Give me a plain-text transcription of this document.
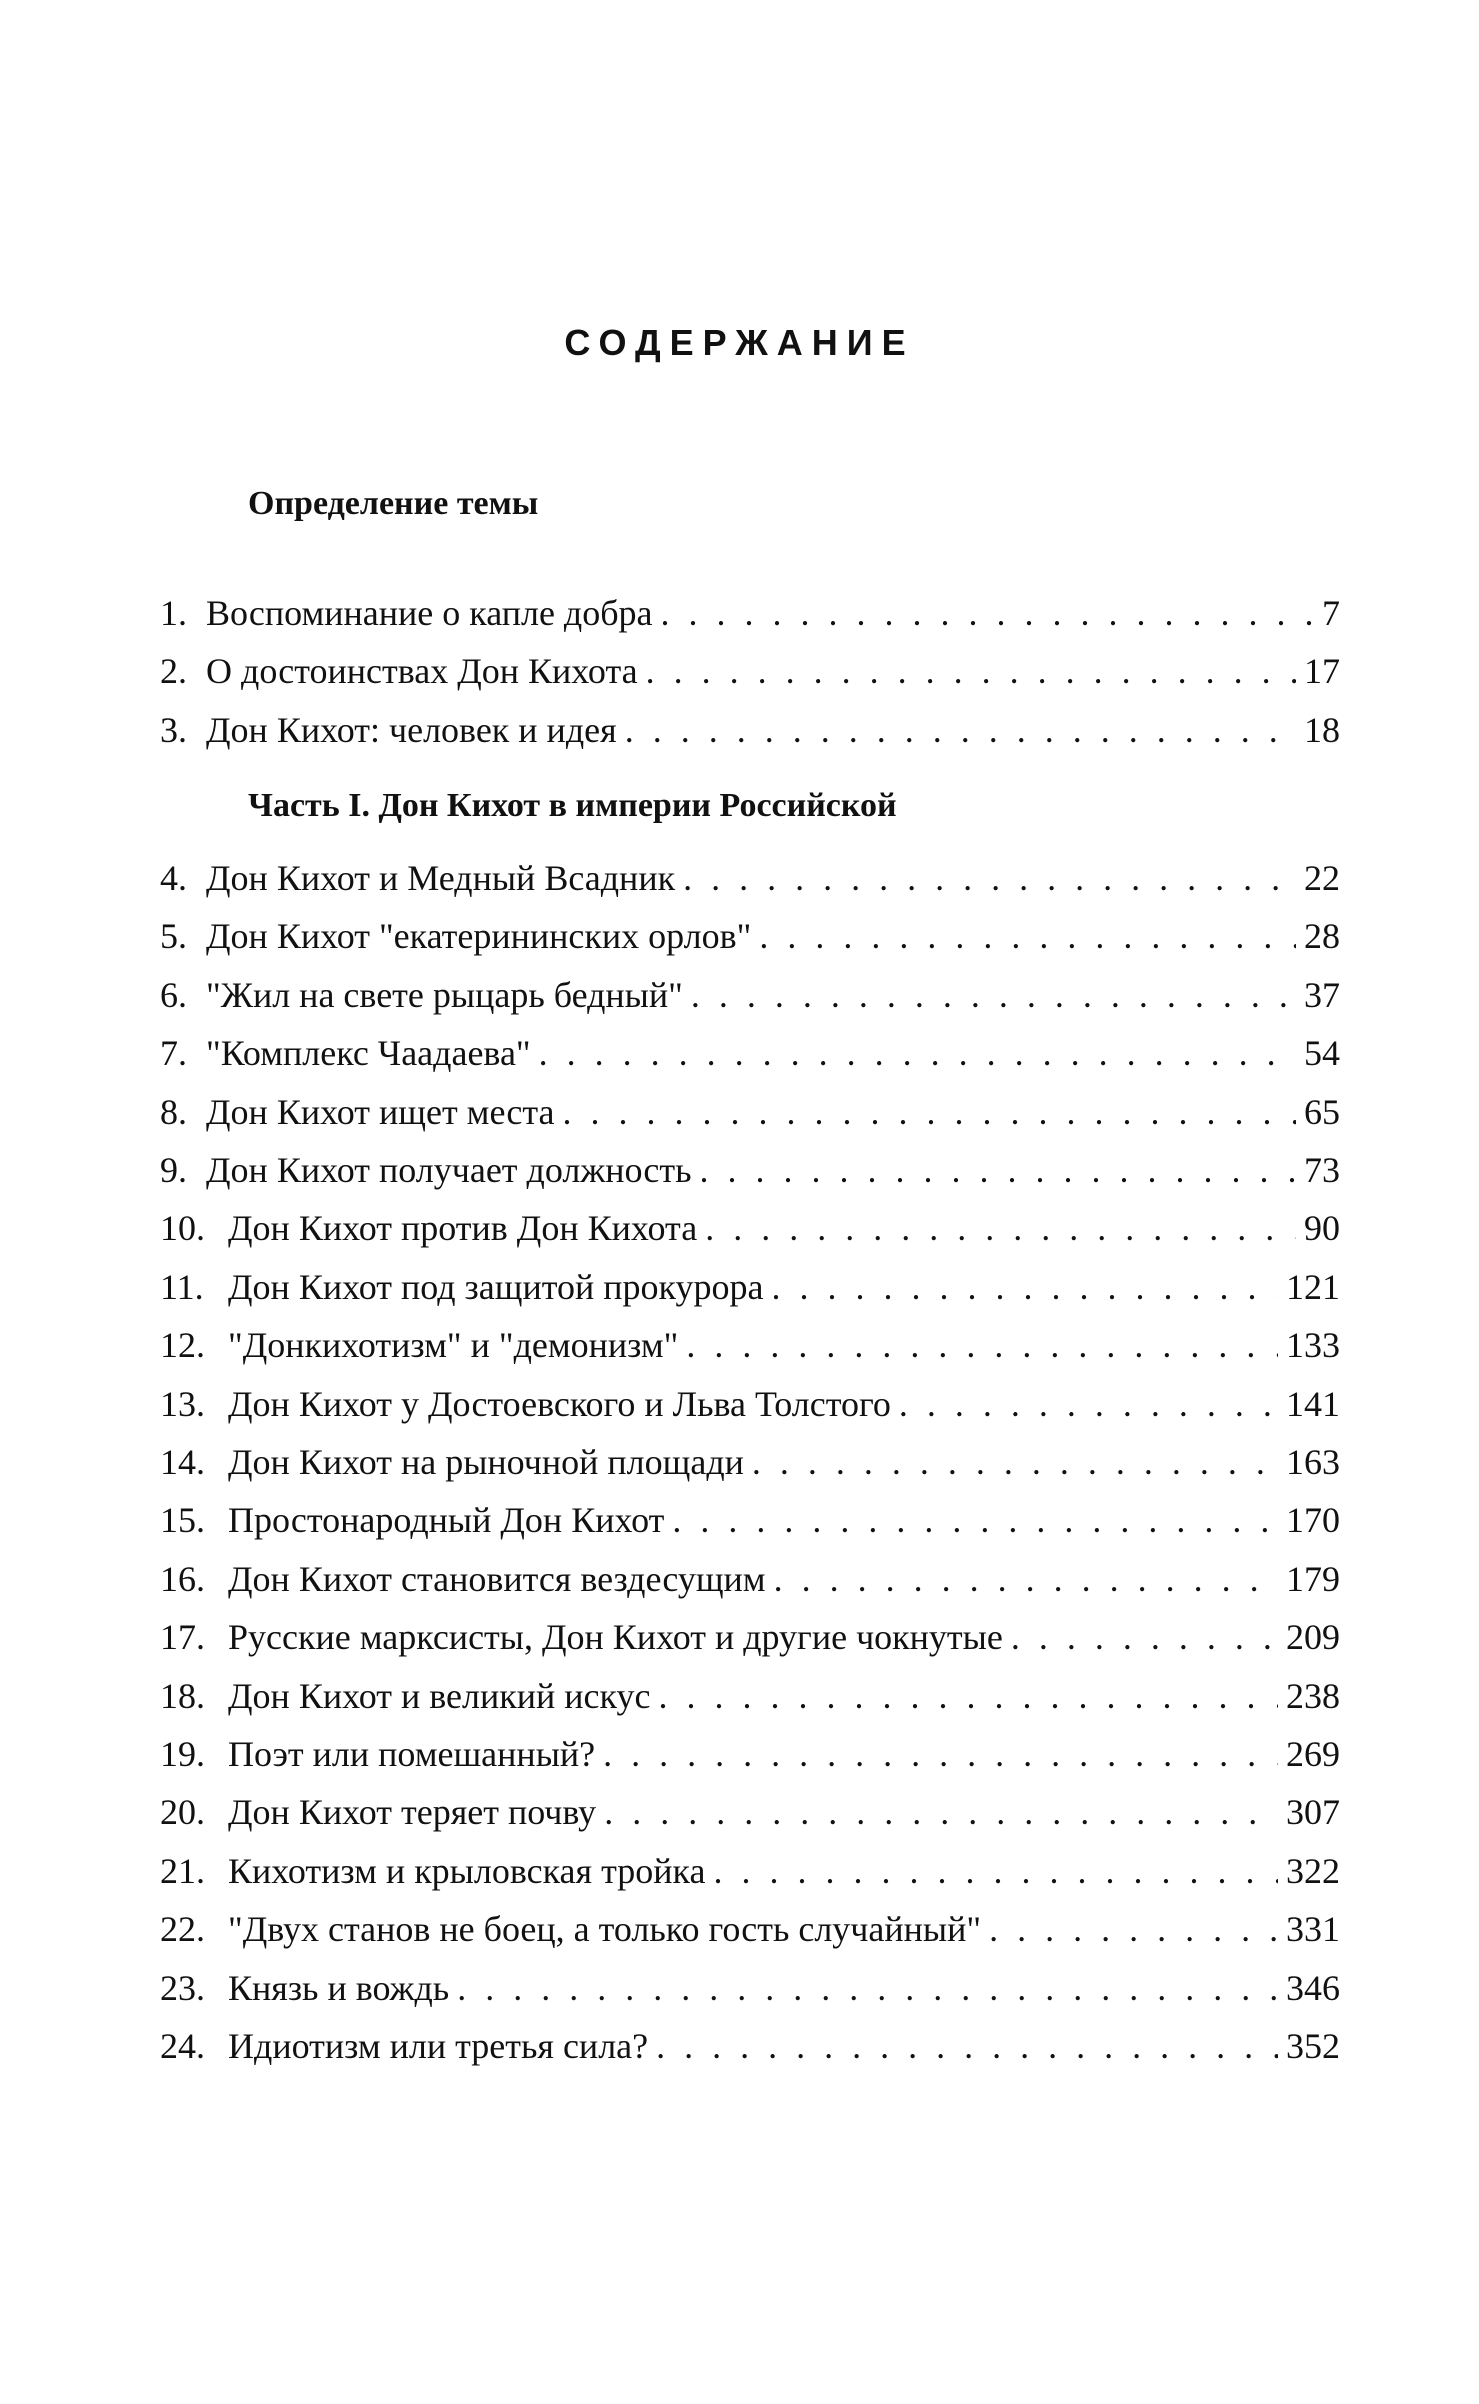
СОДЕРЖАНИЕ
Определение темы
Часть I. Дон Кихот в империи Российской
1. Воспоминание о капле добра . . .	7
2. О достоинствах Дон Кихота . . .	17
3. Дон Кихот: человек и идея . . .	18
4. Дон Кихот и Медный Всадник . . .	22
5. Дон Кихот "екатерининских орлов" . . .	28
6. "Жил на свете рыцарь бедный" . . .	37
7. "Комплекс Чаадаева" . . .	54
8. Дон Кихот ищет места . . .	65
9. Дон Кихот получает должность . . .	73
10. Дон Кихот против Дон Кихота . . .	90
11. Дон Кихот под защитой прокурора . . .	121
12. "Донкихотизм" и "демонизм" . . .	133
13. Дон Кихот у Достоевского и Льва Толстого . . .	141
14. Дон Кихот на рыночной площади . . .	163
15. Простонародный Дон Кихот . . .	170
16. Дон Кихот становится вездесущим . . .	179
17. Русские марксисты, Дон Кихот и другие чокнутые . . .	209
18. Дон Кихот и великий искус . . .	238
19. Поэт или помешанный? . . .	269
20. Дон Кихот теряет почву . . .	307
21. Кихотизм и крыловская тройка . . .	322
22. "Двух станов не боец, а только гость случайный" . . .	331
23. Князь и вождь . . .	346
24. Идиотизм или третья сила? . . .	352
